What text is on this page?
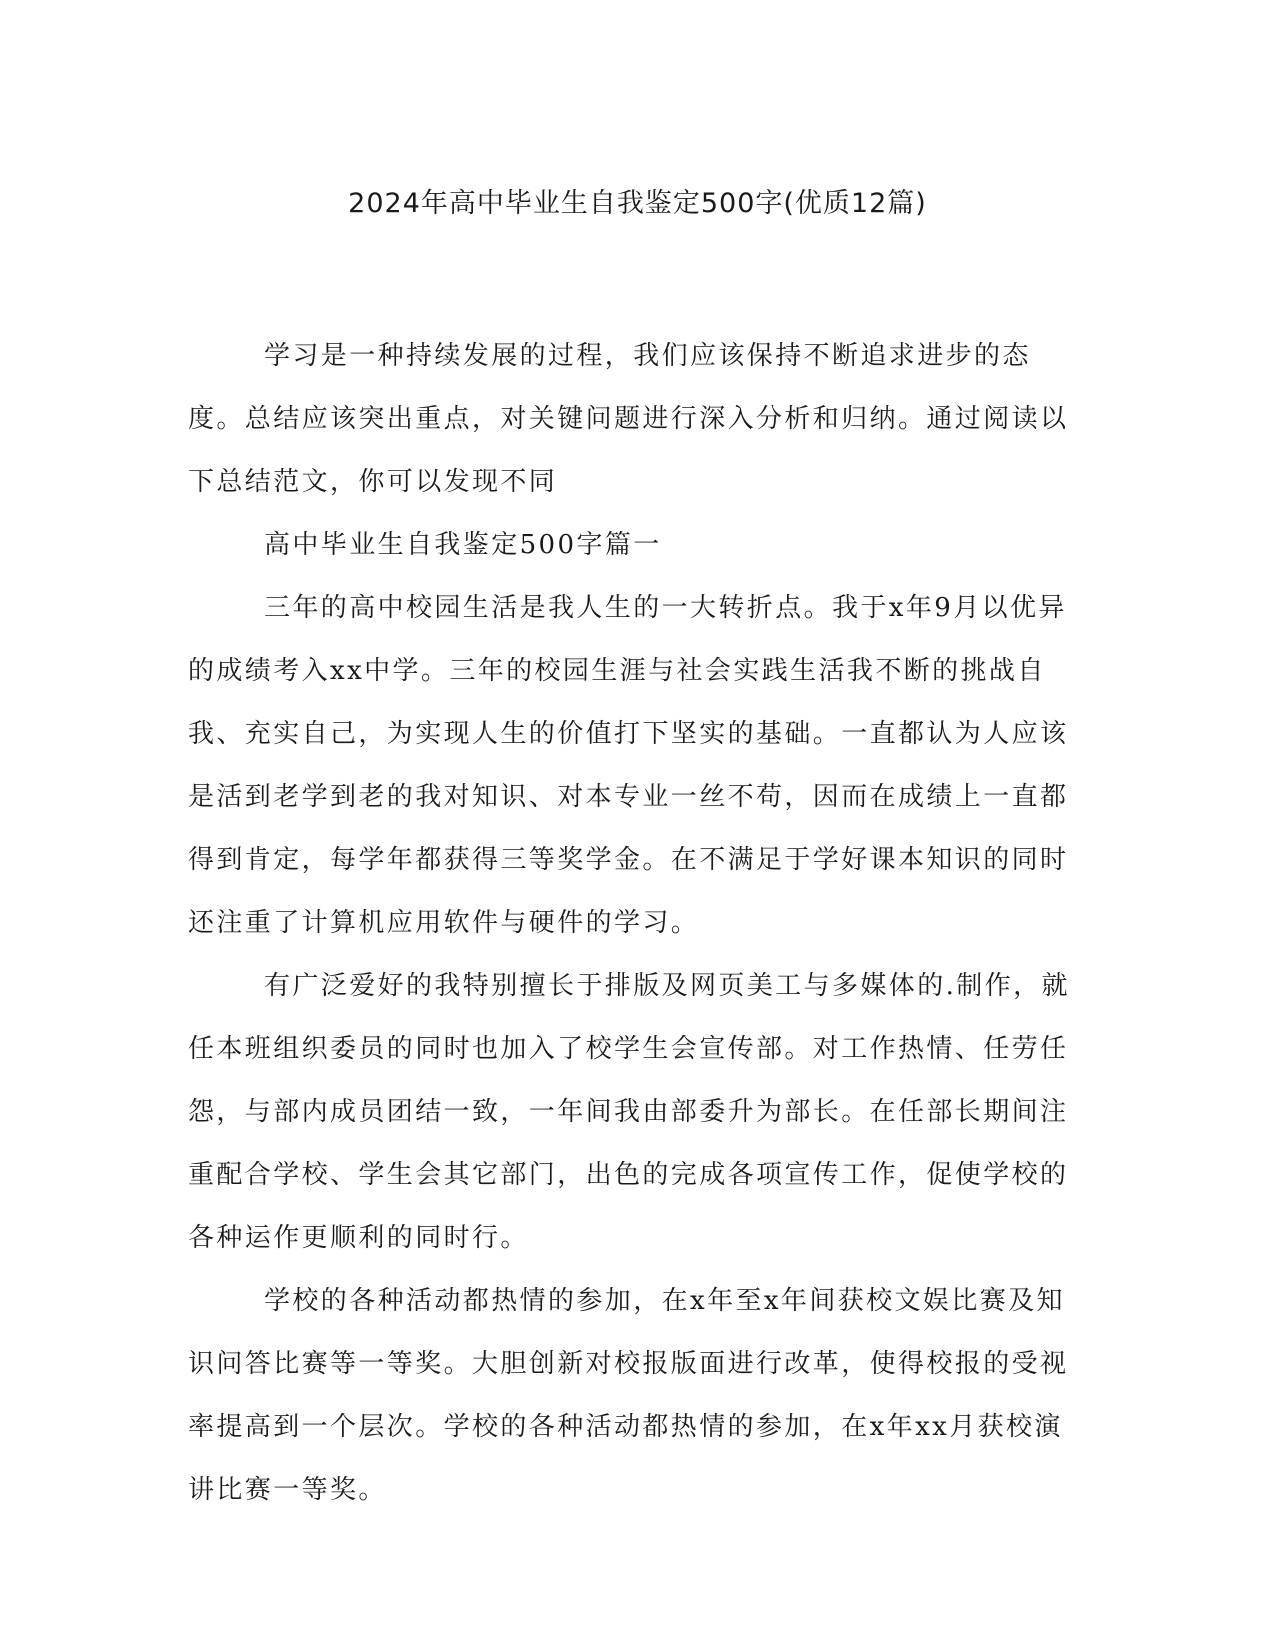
2024年高中毕业生自我鉴定500字(优质12篇)

学习是一种持续发展的过程，我们应该保持不断追求进步的态度。总结应该突出重点，对关键问题进行深入分析和归纳。通过阅读以下总结范文，你可以发现不同

高中毕业生自我鉴定500字篇一

三年的高中校园生活是我人生的一大转折点。我于x年9月以优异的成绩考入xx中学。三年的校园生涯与社会实践生活我不断的挑战自我、充实自己，为实现人生的价值打下坚实的基础。一直都认为人应该是活到老学到老的我对知识、对本专业一丝不苟，因而在成绩上一直都得到肯定，每学年都获得三等奖学金。在不满足于学好课本知识的同时还注重了计算机应用软件与硬件的学习。

有广泛爱好的我特别擅长于排版及网页美工与多媒体的.制作，就任本班组织委员的同时也加入了校学生会宣传部。对工作热情、任劳任怨，与部内成员团结一致，一年间我由部委升为部长。在任部长期间注重配合学校、学生会其它部门，出色的完成各项宣传工作，促使学校的各种运作更顺利的同时行。

学校的各种活动都热情的参加，在x年至x年间获校文娱比赛及知识问答比赛等一等奖。大胆创新对校报版面进行改革，使得校报的受视率提高到一个层次。学校的各种活动都热情的参加，在x年xx月获校演讲比赛一等奖。
